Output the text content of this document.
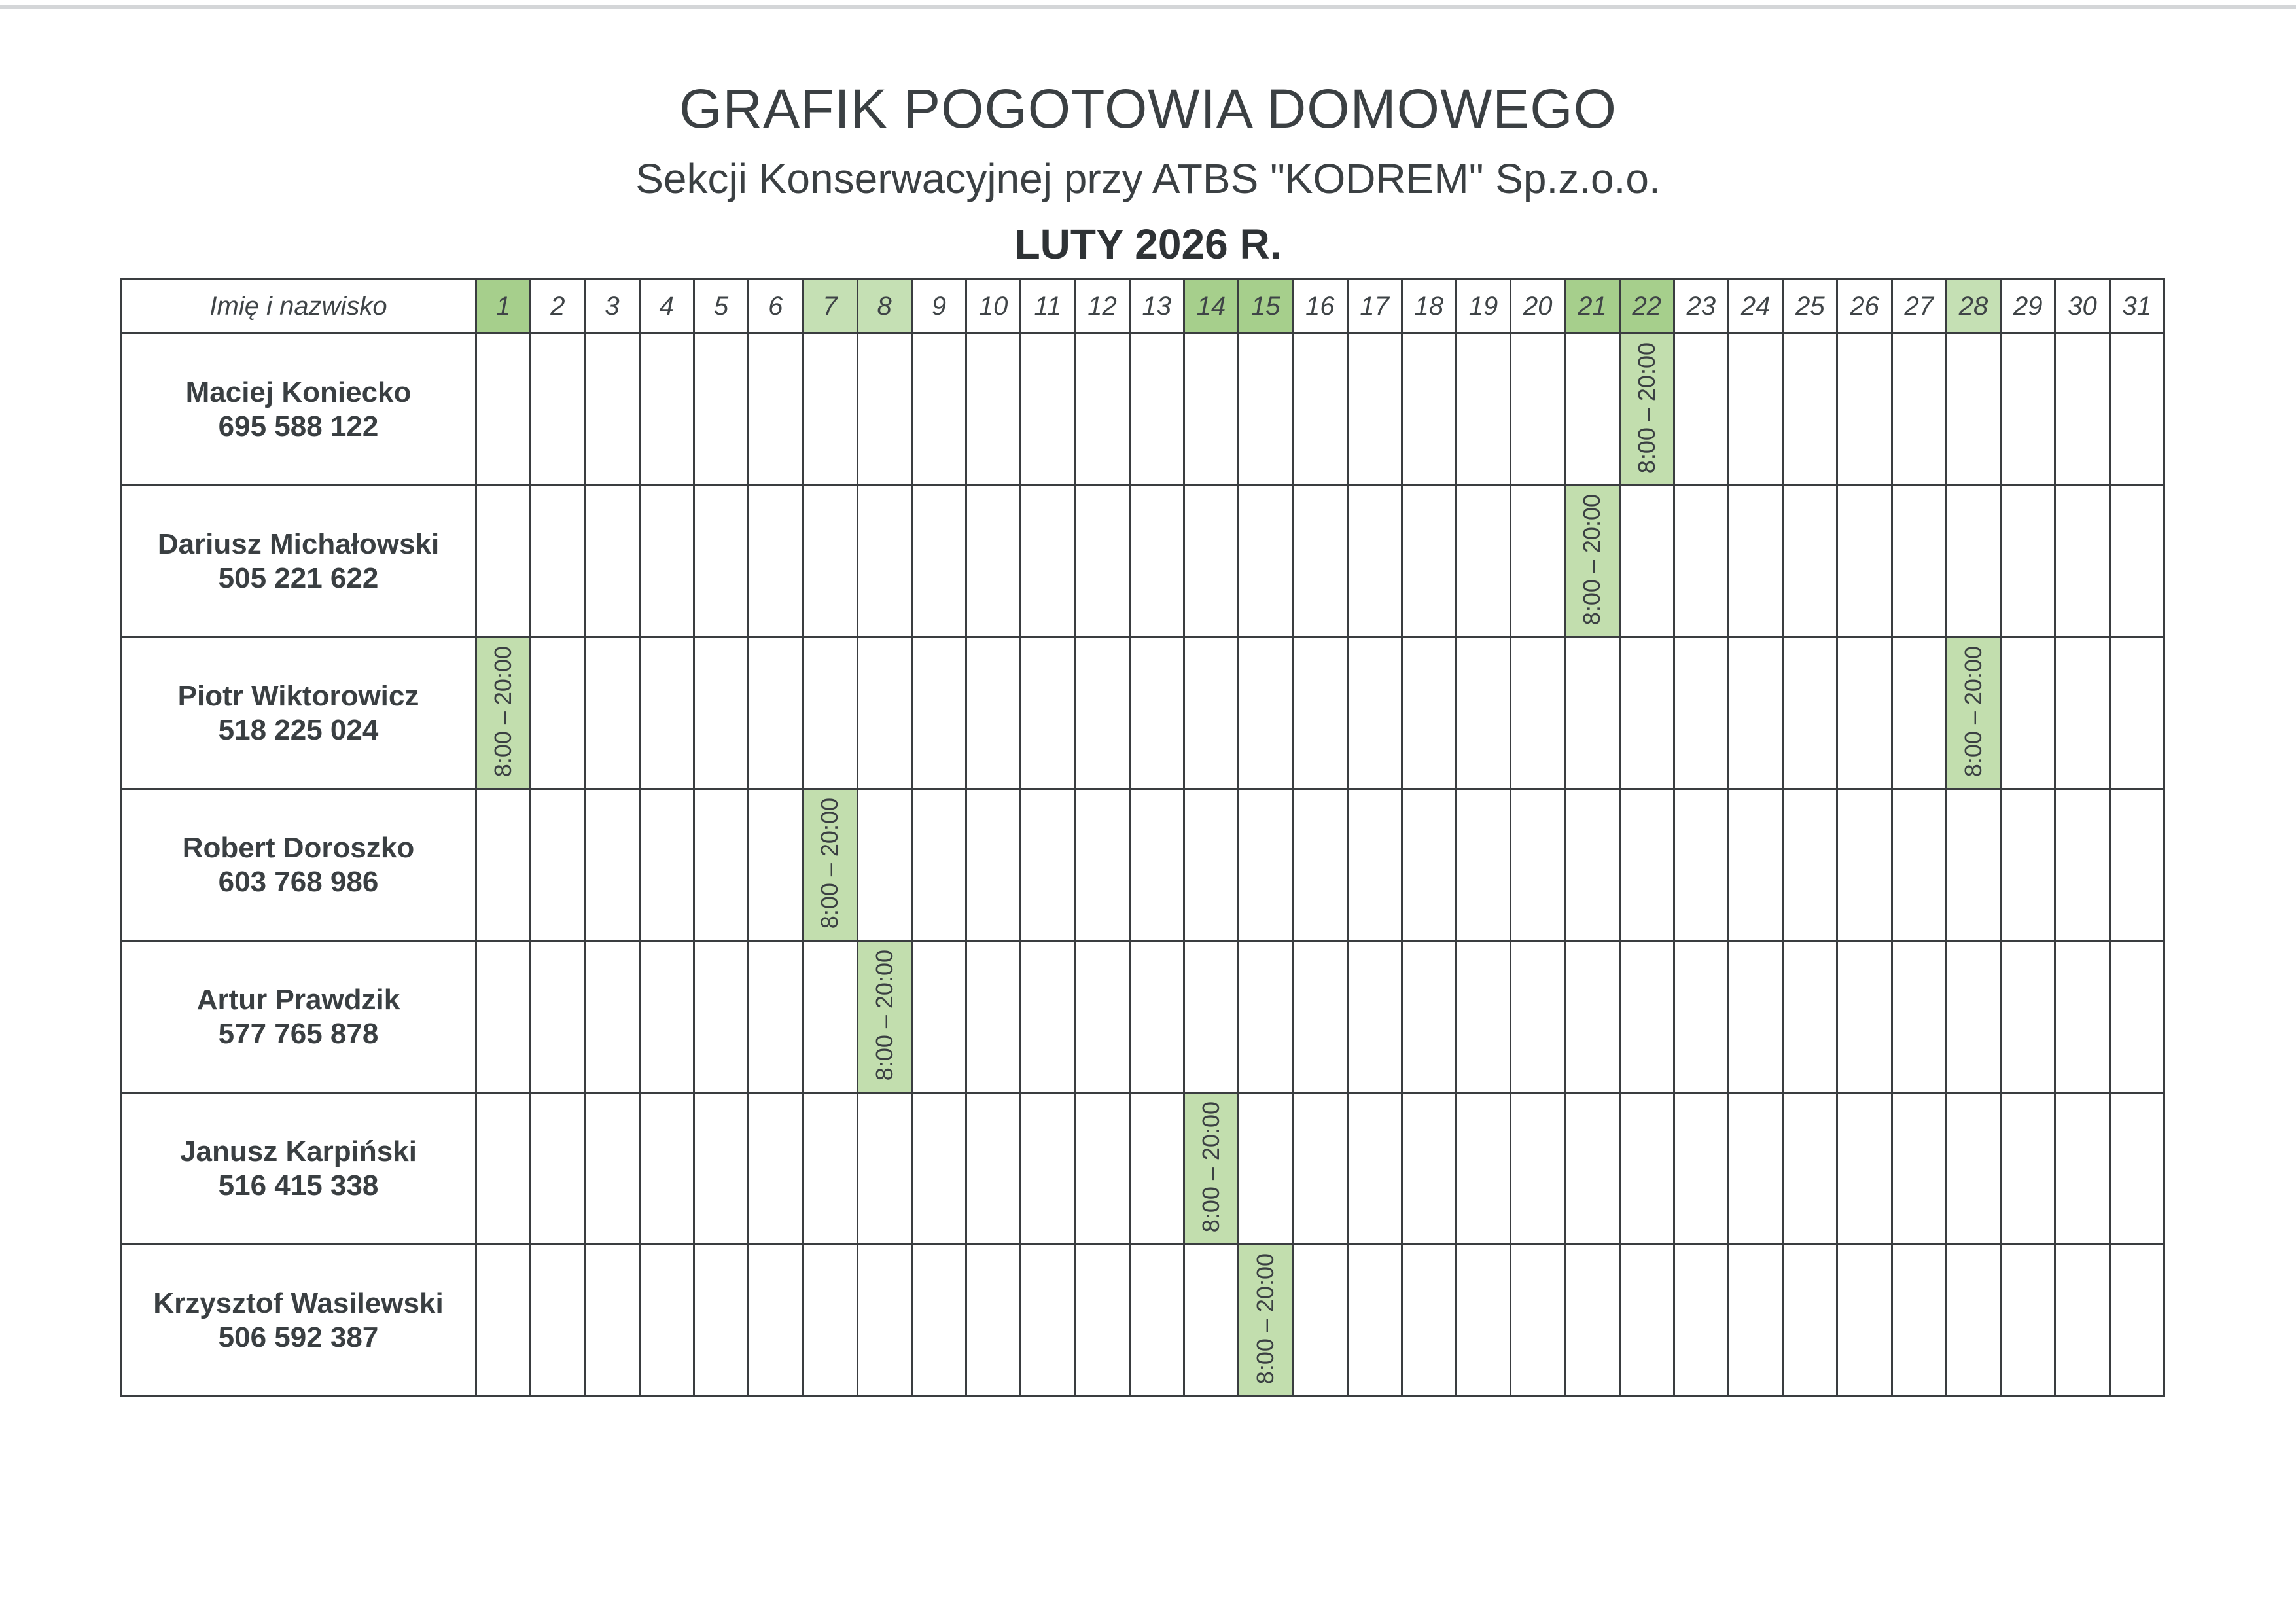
GRAFIK POGOTOWIA DOMOWEGO
Sekcji Konserwacyjnej przy ATBS "KODREM" Sp.z.o.o.
LUTY 2026 R.
Imię i nazwisko	1	2	3	4	5	6	7	8	9	10	11	12	13	14	15	16	17	18	19	20	21	22	23	24	25	26	27	28	29	30	31

Maciej Koniecko
695 588 122																						8:00 – 20:00									

Dariusz Michałowski
505 221 622																					8:00 – 20:00										

Piotr Wiktorowicz
518 225 024	8:00 – 20:00																											8:00 – 20:00			

Robert Doroszko
603 768 986							8:00 – 20:00																								

Artur Prawdzik
577 765 878								8:00 – 20:00																							

Janusz Karpiński
516 415 338														8:00 – 20:00																	

Krzysztof Wasilewski
506 592 387															8:00 – 20:00																
